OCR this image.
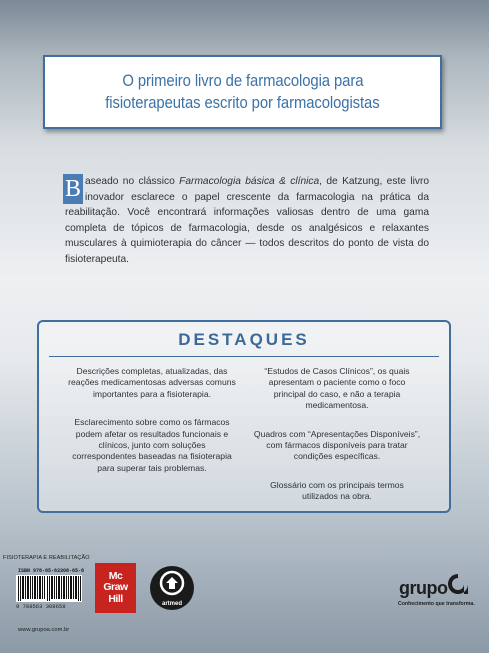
O primeiro livro de farmacologia para
fisioterapeutas escrito por farmacologistas
B aseado no clássico Farmacologia básica & clínica, de Katzung, este livro inovador esclarece o papel crescente da farmacologia na prática da reabilitação. Você encontrará informações valiosas dentro de uma gama completa de tópicos de farmacologia, desde os analgésicos e relaxantes musculares à quimioterapia do câncer — todos descritos do ponto de vista do fisioterapeuta.
DESTAQUES
Descrições completas, atualizadas, das reações medicamentosas adversas comuns importantes para a fisioterapia.
Esclarecimento sobre como os fármacos podem afetar os resultados funcionais e clínicos, junto com soluções correspondentes baseadas na fisioterapia para superar tais problemas.
“Estudos de Casos Clínicos”, os quais apresentam o paciente como o foco principal do caso, e não a terapia medicamentosa.
Quadros com “Apresentações Disponíveis”, com fármacos disponíveis para tratar condições específicas.
Glossário com os principais termos utilizados na obra.
FISIOTERAPIA E REABILITAÇÃO
ISBN 978-85-63308-65-8
9 788563 308658
www.grupoa.com.br
Mc
Graw
Hill	artmed
grupo
Conhecimento que transforma.
